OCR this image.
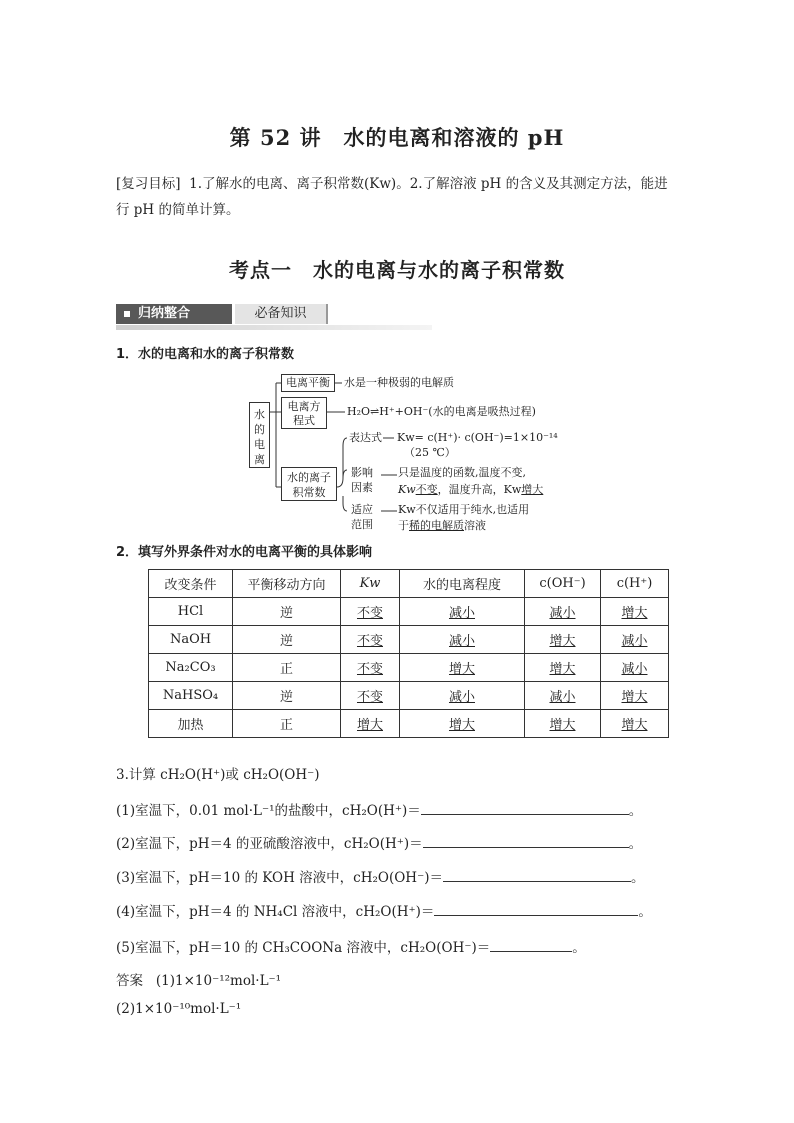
第 52 讲　水的电离和溶液的 pH
[复习目标] 1.了解水的电离、离子积常数(Kw)。2.了解溶液 pH 的含义及其测定方法，能进
行 pH 的简单计算。
考点一　水的电离与水的离子积常数
归纳整合	必备知识
1．水的电离和水的离子积常数
水的电离
电离平衡	水是一种极弱的电解质
电离方程式
H₂O⇌H⁺+OH⁻(水的电离是吸热过程)
水的离子积常数
表达式 Kw= c(H⁺)· c(OH⁻)=1×10⁻¹⁴
（25 ℃）
影响因素
只是温度的函数,温度不变,
Kw不变，温度升高，Kw增大
适应范围
Kw不仅适用于纯水,也适用
于稀的电解质溶液
2．填写外界条件对水的电离平衡的具体影响
改变条件	平衡移动方向	Kw	水的电离程度	c(OH⁻)	c(H⁺)
HCl	逆	不变	减小	减小	增大
NaOH	逆	不变	减小	增大	减小
Na₂CO₃	正	不变	增大	增大	减小
NaHSO₄	逆	不变	减小	减小	增大
加热	正	增大	增大	增大	增大
3.计算 cH₂O(H⁺)或 cH₂O(OH⁻)
(1)室温下，0.01 mol·L⁻¹的盐酸中，cH₂O(H⁺)＝	。
(2)室温下，pH＝4 的亚硫酸溶液中，cH₂O(H⁺)＝	。
(3)室温下，pH＝10 的 KOH 溶液中，cH₂O(OH⁻)＝	。
(4)室温下，pH＝4 的 NH₄Cl 溶液中，cH₂O(H⁺)＝	。
(5)室温下，pH＝10 的 CH₃COONa 溶液中，cH₂O(OH⁻)＝	。
答案 (1)1×10⁻¹²mol·L⁻¹
(2)1×10⁻¹⁰mol·L⁻¹
